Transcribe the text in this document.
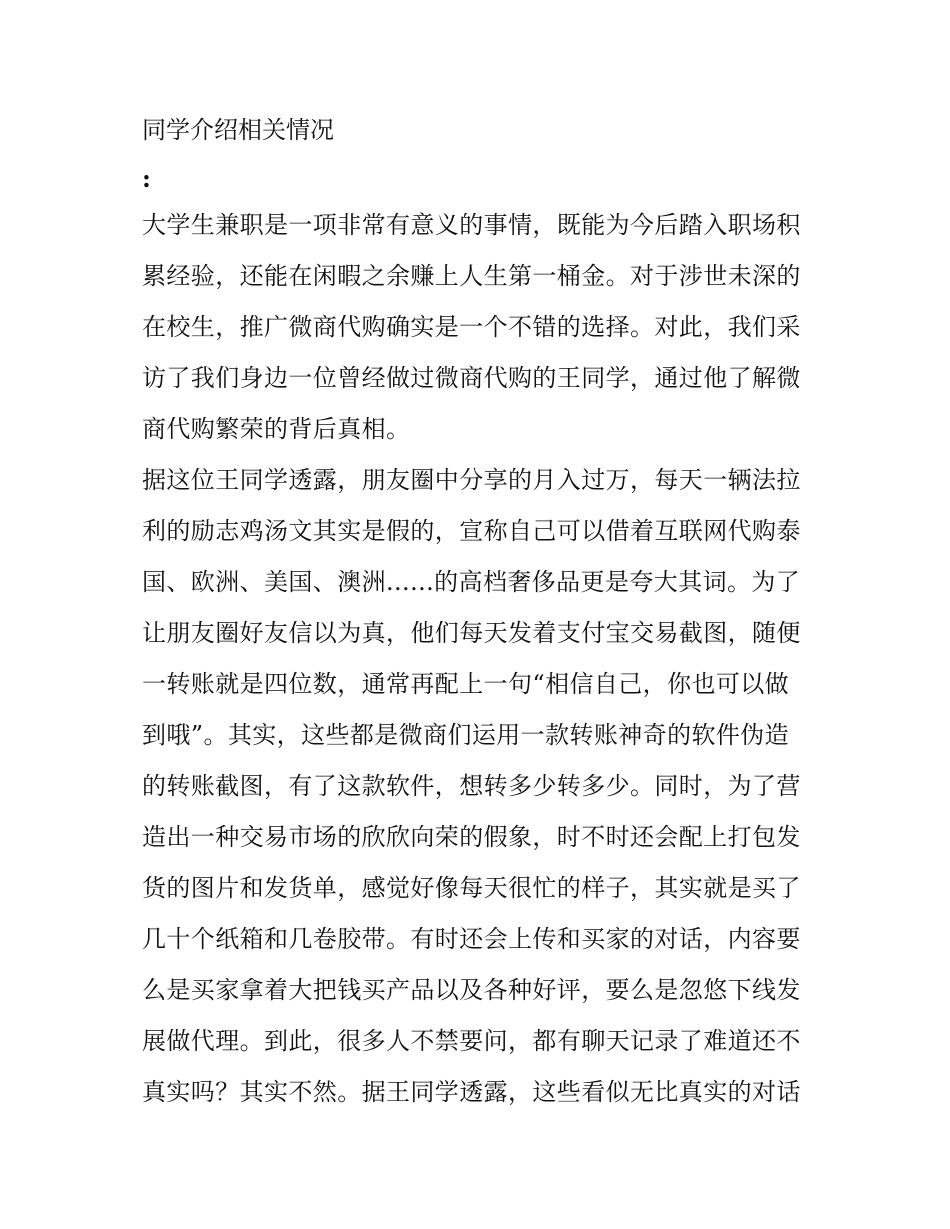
同学介绍相关情况
:

大学生兼职是一项非常有意义的事情，既能为今后踏入职场积
累经验，还能在闲暇之余赚上人生第一桶金。对于涉世未深的
在校生，推广微商代购确实是一个不错的选择。对此，我们采
访了我们身边一位曾经做过微商代购的王同学，通过他了解微
商代购繁荣的背后真相。

据这位王同学透露，朋友圈中分享的月入过万，每天一辆法拉
利的励志鸡汤文其实是假的，宣称自己可以借着互联网代购泰
国、欧洲、美国、澳洲......的高档奢侈品更是夸大其词。为了
让朋友圈好友信以为真，他们每天发着支付宝交易截图，随便
一转账就是四位数，通常再配上一句“相信自己，你也可以做
到哦”。其实，这些都是微商们运用一款转账神奇的软件伪造
的转账截图，有了这款软件，想转多少转多少。同时，为了营
造出一种交易市场的欣欣向荣的假象，时不时还会配上打包发
货的图片和发货单，感觉好像每天很忙的样子，其实就是买了
几十个纸箱和几卷胶带。有时还会上传和买家的对话，内容要
么是买家拿着大把钱买产品以及各种好评，要么是忽悠下线发
展做代理。到此，很多人不禁要问，都有聊天记录了难道还不
真实吗？其实不然。据王同学透露，这些看似无比真实的对话
